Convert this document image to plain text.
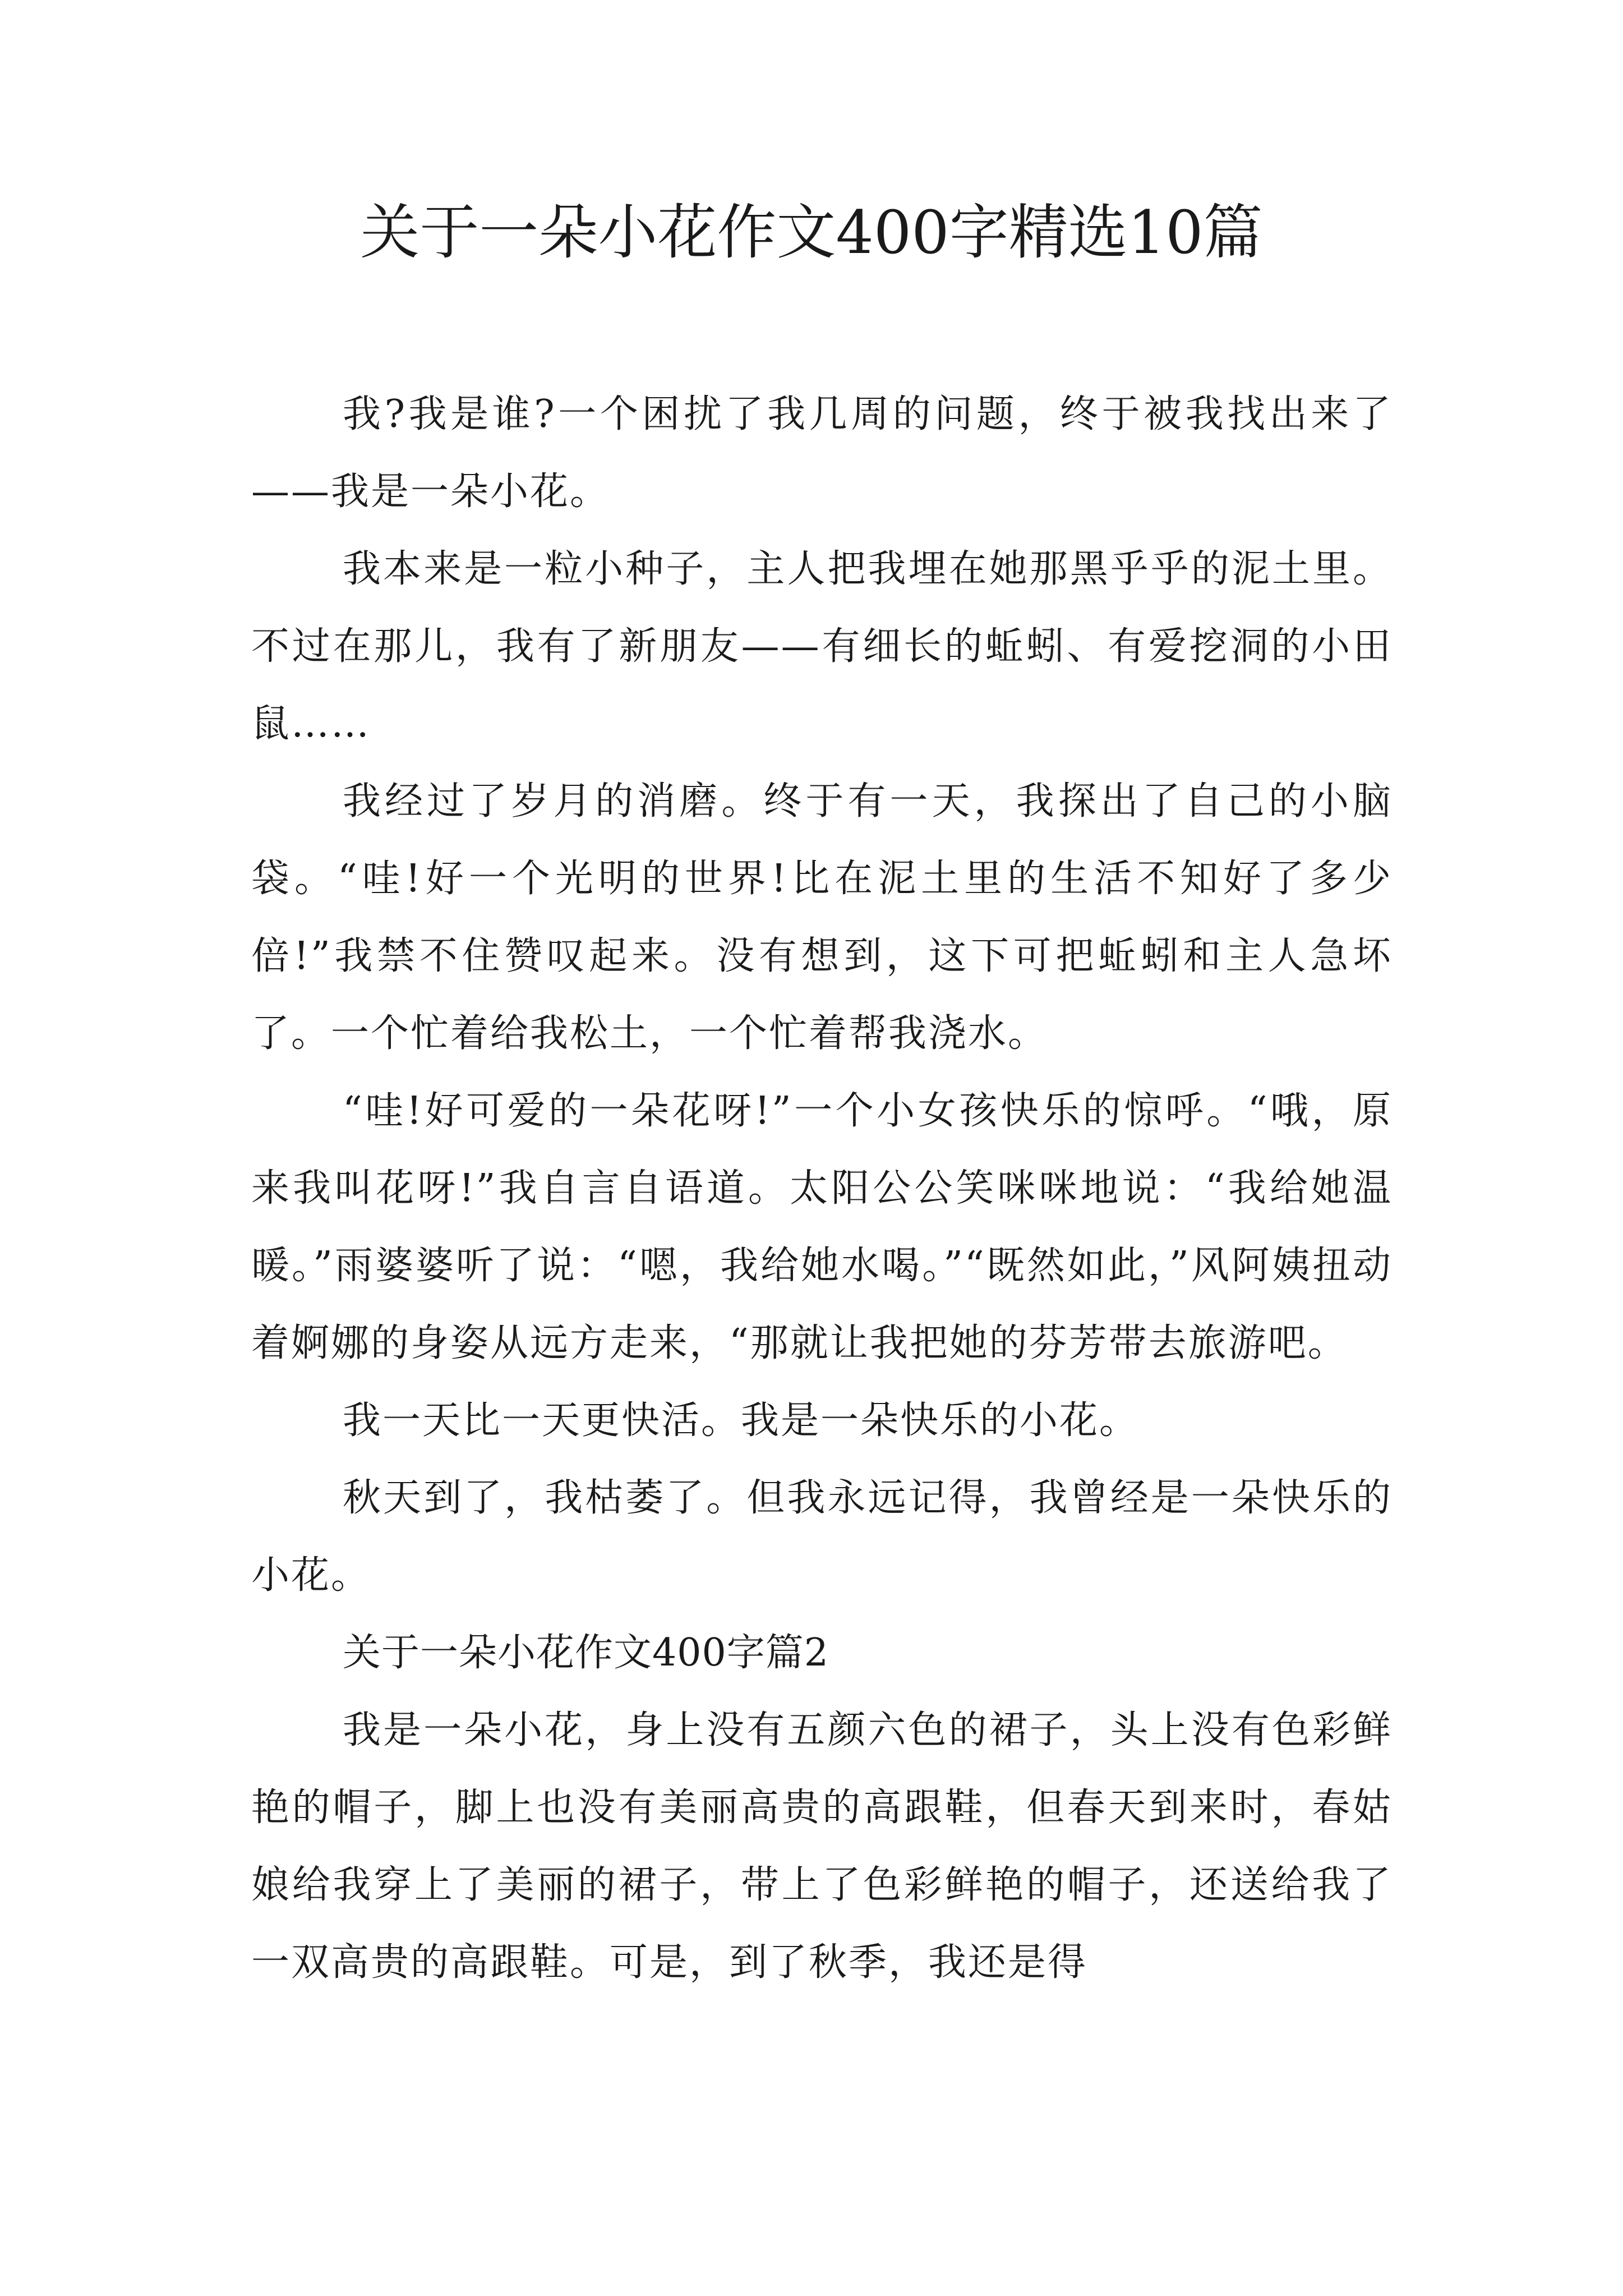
关于一朵小花作文400字精选10篇

我?我是谁?一个困扰了我几周的问题，终于被我找出来了——我是一朵小花。

我本来是一粒小种子，主人把我埋在她那黑乎乎的泥土里。不过在那儿，我有了新朋友——有细长的蚯蚓、有爱挖洞的小田鼠……

我经过了岁月的消磨。终于有一天，我探出了自己的小脑袋。“哇!好一个光明的世界!比在泥土里的生活不知好了多少倍!”我禁不住赞叹起来。没有想到，这下可把蚯蚓和主人急坏了。一个忙着给我松土，一个忙着帮我浇水。

“哇!好可爱的一朵花呀!”一个小女孩快乐的惊呼。“哦，原来我叫花呀!”我自言自语道。太阳公公笑咪咪地说：“我给她温暖。”雨婆婆听了说：“嗯，我给她水喝。”“既然如此，”风阿姨扭动着婀娜的身姿从远方走来，“那就让我把她的芬芳带去旅游吧。

我一天比一天更快活。我是一朵快乐的小花。

秋天到了，我枯萎了。但我永远记得，我曾经是一朵快乐的小花。

关于一朵小花作文400字篇2

我是一朵小花，身上没有五颜六色的裙子，头上没有色彩鲜艳的帽子，脚上也没有美丽高贵的高跟鞋，但春天到来时，春姑娘给我穿上了美丽的裙子，带上了色彩鲜艳的帽子，还送给我了一双高贵的高跟鞋。可是，到了秋季，我还是得
